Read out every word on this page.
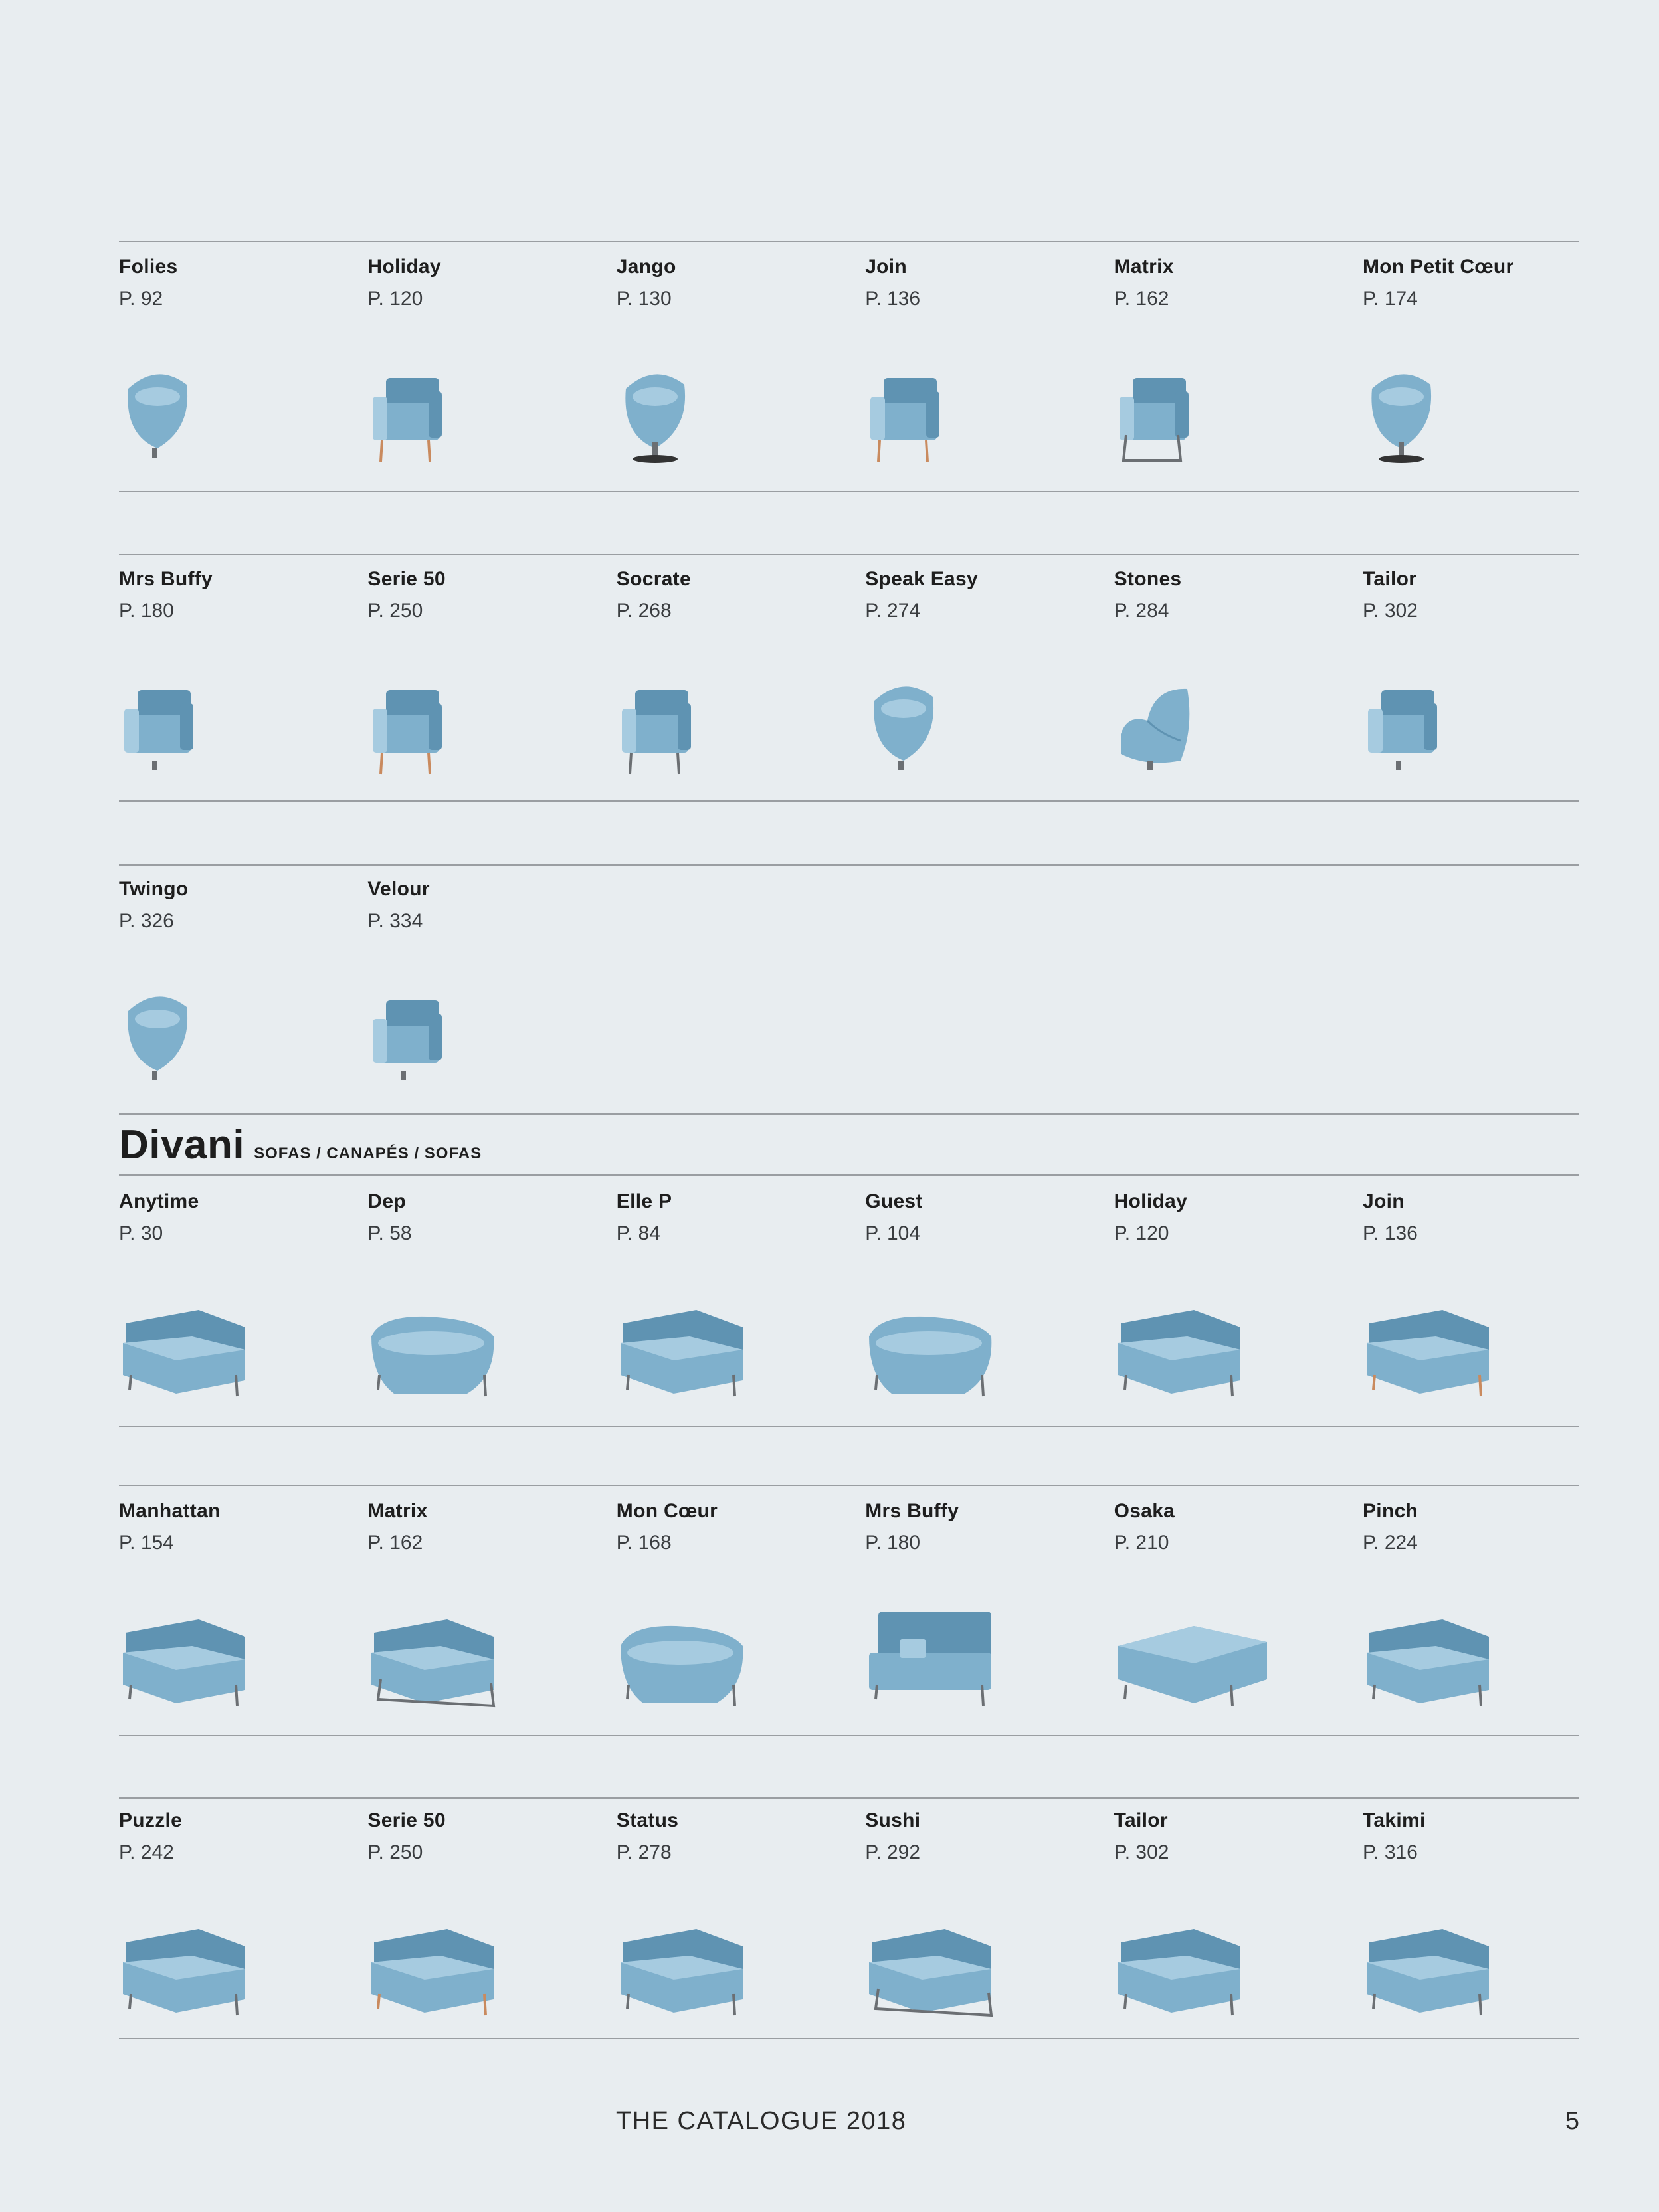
Folies
P. 92
Holiday
P. 120
Jango
P. 130
Join
P. 136
Matrix
P. 162
Mon Petit Cœur
P. 174
Mrs Buffy
P. 180
Serie 50
P. 250
Socrate
P. 268
Speak Easy
P. 274
Stones
P. 284
Tailor
P. 302
Twingo
P. 326
Velour
P. 334
Divani SOFAS / CANAPÉS / SOFAS
Anytime
P. 30
Dep
P. 58
Elle P
P. 84
Guest
P. 104
Holiday
P. 120
Join
P. 136
Manhattan
P. 154
Matrix
P. 162
Mon Cœur
P. 168
Mrs Buffy
P. 180
Osaka
P. 210
Pinch
P. 224
Puzzle
P. 242
Serie 50
P. 250
Status
P. 278
Sushi
P. 292
Tailor
P. 302
Takimi
P. 316
THE CATALOGUE 2018	5
